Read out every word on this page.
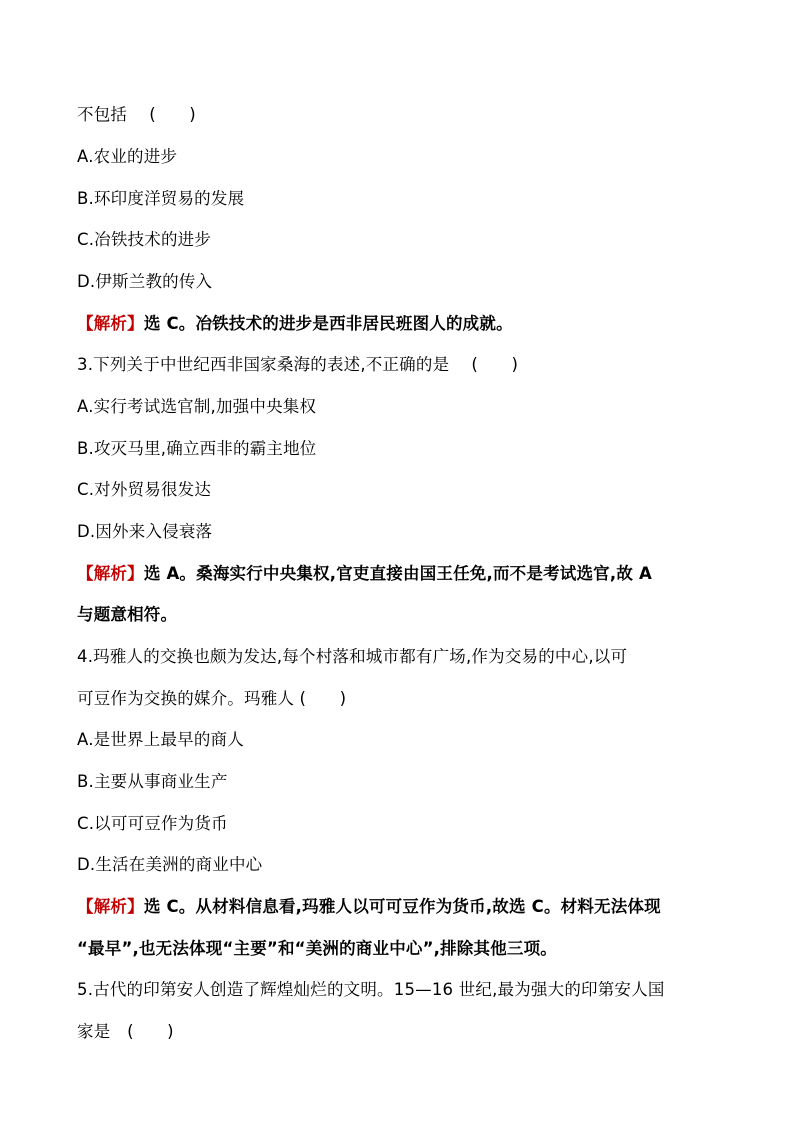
不包括　 (　　)
A.农业的进步
B.环印度洋贸易的发展
C.冶铁技术的进步
D.伊斯兰教的传入
【解析】选 C。冶铁技术的进步是西非居民班图人的成就。
3.下列关于中世纪西非国家桑海的表述,不正确的是　 (　　)
A.实行考试选官制,加强中央集权
B.攻灭马里,确立西非的霸主地位
C.对外贸易很发达
D.因外来入侵衰落
【解析】选 A。桑海实行中央集权,官吏直接由国王任免,而不是考试选官,故 A
与题意相符。
4.玛雅人的交换也颇为发达,每个村落和城市都有广场,作为交易的中心,以可
可豆作为交换的媒介。玛雅人 (　　)
A.是世界上最早的商人
B.主要从事商业生产
C.以可可豆作为货币
D.生活在美洲的商业中心
【解析】选 C。从材料信息看,玛雅人以可可豆作为货币,故选 C。材料无法体现
“最早”,也无法体现“主要”和“美洲的商业中心”,排除其他三项。
5.古代的印第安人创造了辉煌灿烂的文明。15—16 世纪,最为强大的印第安人国
家是　(　　)
